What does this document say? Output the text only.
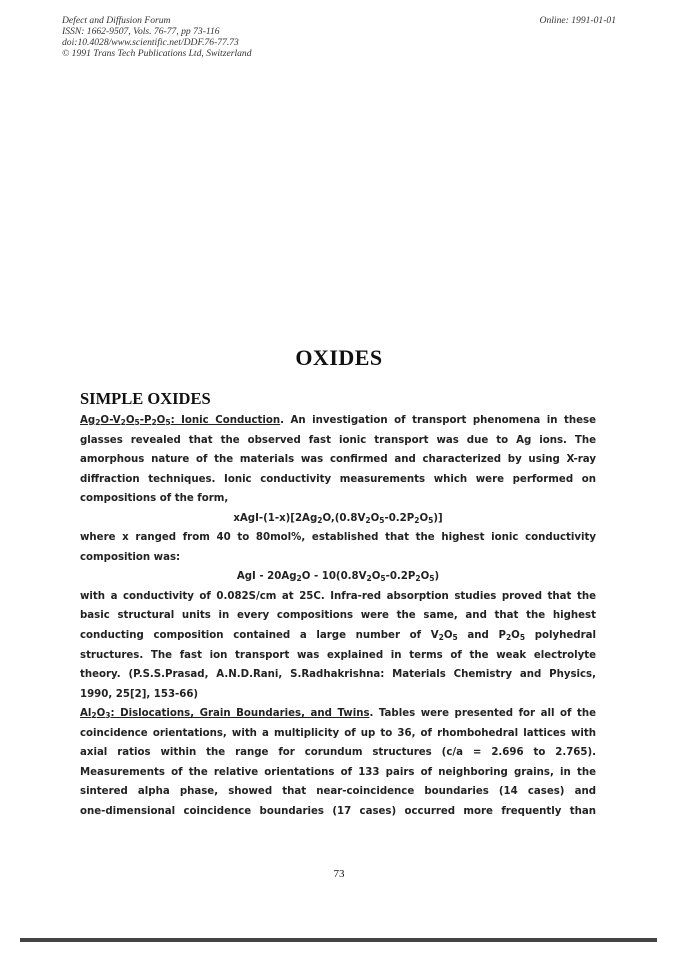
Defect and Diffusion Forum
ISSN: 1662-9507, Vols. 76-77, pp 73-116
doi:10.4028/www.scientific.net/DDF.76-77.73
© 1991 Trans Tech Publications Ltd, Switzerland
Online: 1991-01-01
OXIDES
SIMPLE OXIDES

$Ag_2O-V_2O_5-P_2O_5$: Ionic Conduction. An investigation of transport phenomena in these

glasses revealed that the observed fast ionic transport was due to Ag ions. The

amorphous nature of the materials was confirmed and characterized by using X-ray

diffraction techniques. Ionic conductivity measurements which were performed on

compositions of the form,

xAgI-$(1-x)[2Ag_2O,(0.8V_2O_5-0.2P_2O_5)]$

where x ranged from 40 to 80mol%, established that the highest ionic conductivity

composition was:

AgI - $20Ag_2O - 10(0.8V_2O_5-0.2P_2O_5)$

with a conductivity of 0.082S/cm at 25C. Infra-red absorption studies proved that the

basic structural units in every compositions were the same, and that the highest

conducting composition contained a large number of $V_2O_5$ and $P_2O_5$ polyhedral

structures. The fast ion transport was explained in terms of the weak electrolyte

theory. (P.S.S.Prasad, A.N.D.Rani, S.Radhakrishna: Materials Chemistry and Physics,

1990, 25[2], 153-66)

$Al_2O_3$: Dislocations, Grain Boundaries, and Twins. Tables were presented for all of the

coincidence orientations, with a multiplicity of up to 36, of rhombohedral lattices with

axial ratios within the range for corundum structures (c/a = 2.696 to 2.765).

Measurements of the relative orientations of 133 pairs of neighboring grains, in the

sintered alpha phase, showed that near-coincidence boundaries (14 cases) and

one-dimensional coincidence boundaries (17 cases) occurred more frequently than

73
